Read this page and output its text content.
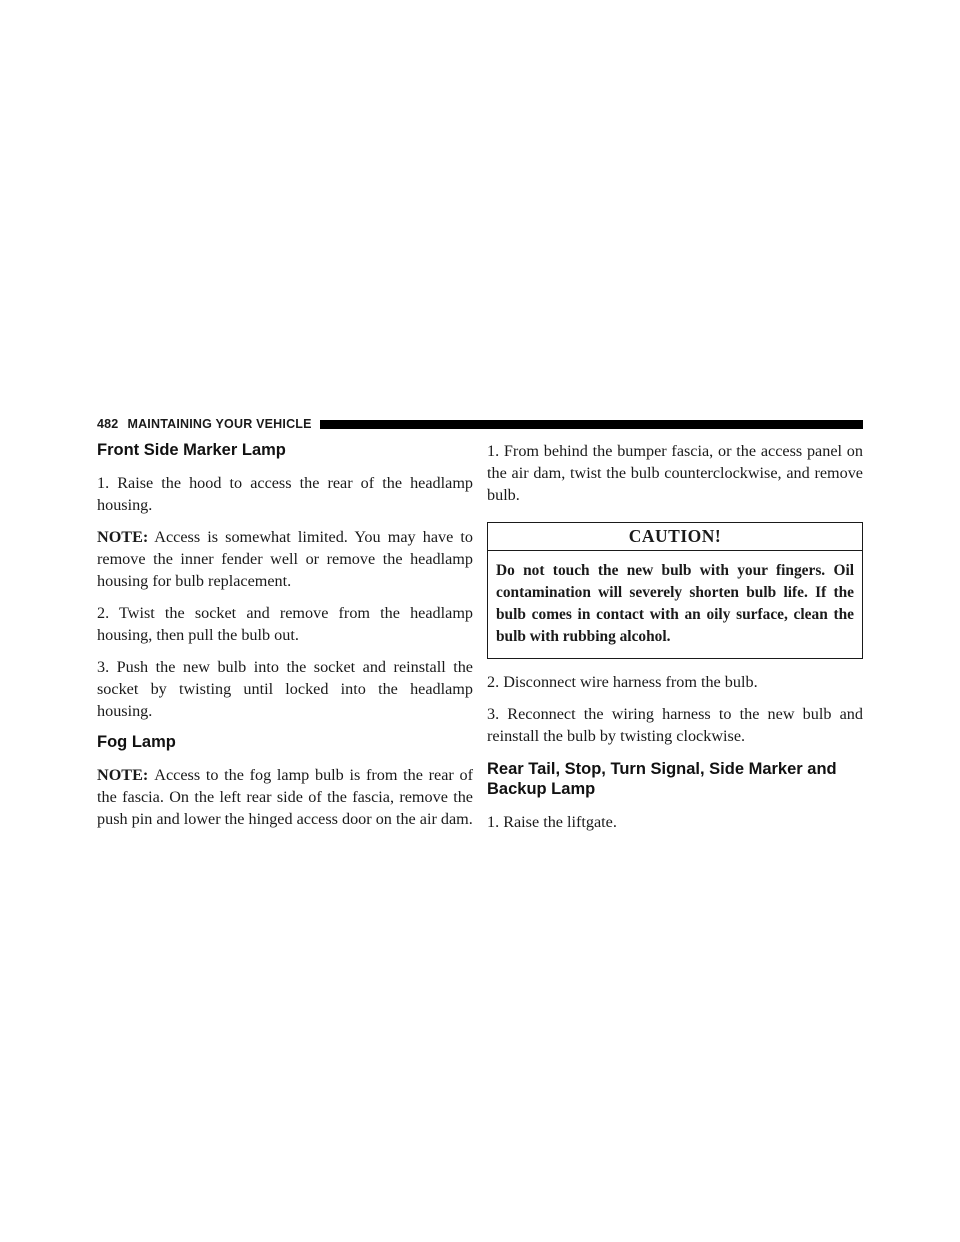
482 MAINTAINING YOUR VEHICLE
Front Side Marker Lamp

1. Raise the hood to access the rear of the headlamp housing.

NOTE: Access is somewhat limited. You may have to remove the inner fender well or remove the headlamp housing for bulb replacement.

2. Twist the socket and remove from the headlamp housing, then pull the bulb out.

3. Push the new bulb into the socket and reinstall the socket by twisting until locked into the headlamp housing.

Fog Lamp

NOTE: Access to the fog lamp bulb is from the rear of the fascia. On the left rear side of the fascia, remove the push pin and lower the hinged access door on the air dam.

1. From behind the bumper fascia, or the access panel on the air dam, twist the bulb counterclockwise, and remove bulb.

CAUTION!
Do not touch the new bulb with your fingers. Oil contamination will severely shorten bulb life. If the bulb comes in contact with an oily surface, clean the bulb with rubbing alcohol.

2. Disconnect wire harness from the bulb.

3. Reconnect the wiring harness to the new bulb and reinstall the bulb by twisting clockwise.

Rear Tail, Stop, Turn Signal, Side Marker and Backup Lamp

1. Raise the liftgate.
